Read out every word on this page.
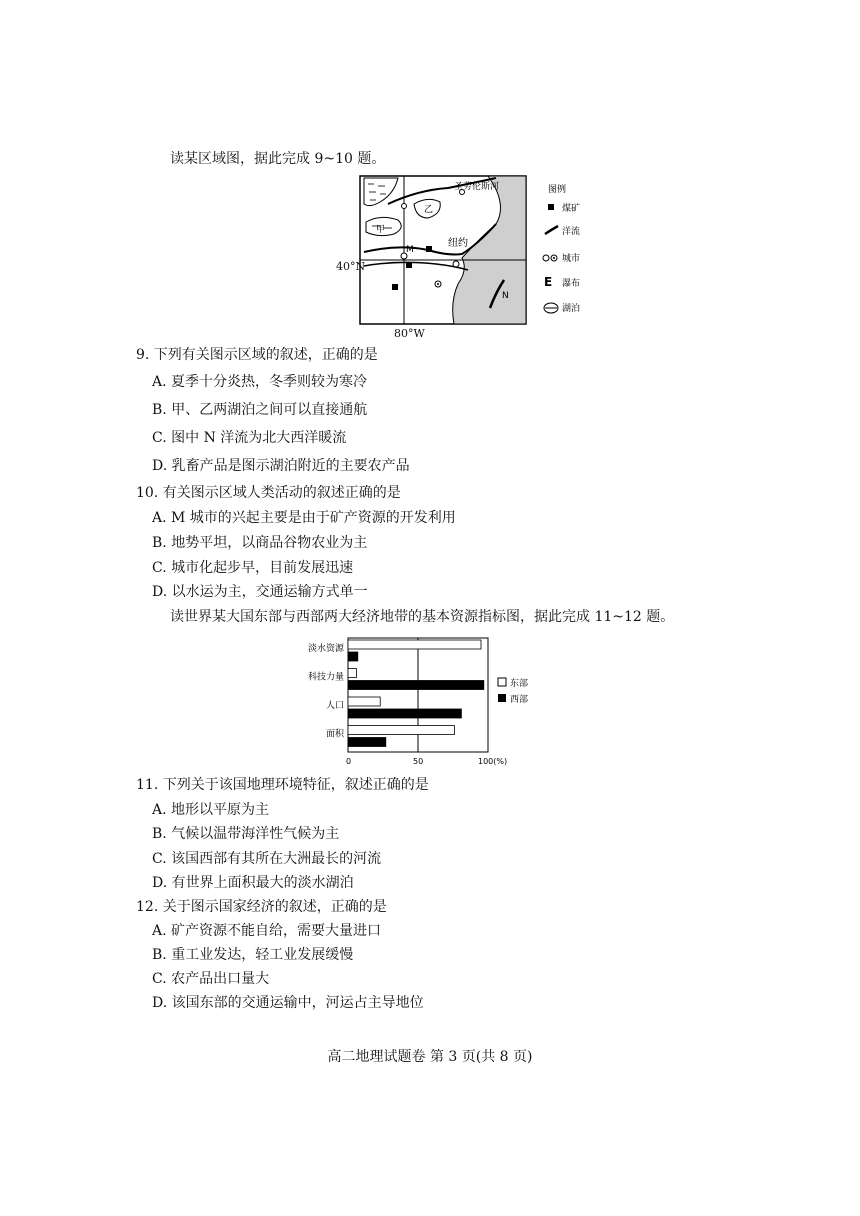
读某区域图，据此完成 9~10 题。
圣劳伦斯河
甲
乙
M
纽约
N
图例
煤矿
洋流
城市
E 瀑布
湖泊
40°N
80°W
9. 下列有关图示区域的叙述，正确的是
A. 夏季十分炎热，冬季则较为寒冷
B. 甲、乙两湖泊之间可以直接通航
C. 图中 N 洋流为北大西洋暖流
D. 乳畜产品是图示湖泊附近的主要农产品
10. 有关图示区域人类活动的叙述正确的是
A. M 城市的兴起主要是由于矿产资源的开发利用
B. 地势平坦，以商品谷物农业为主
C. 城市化起步早，目前发展迅速
D. 以水运为主，交通运输方式单一
读世界某大国东部与西部两大经济地带的基本资源指标图，据此完成 11~12 题。
淡水资源
科技力量
人口
面积
0	50	100(%)
东部
西部
11. 下列关于该国地理环境特征，叙述正确的是
A. 地形以平原为主
B. 气候以温带海洋性气候为主
C. 该国西部有其所在大洲最长的河流
D. 有世界上面积最大的淡水湖泊
12. 关于图示国家经济的叙述，正确的是
A. 矿产资源不能自给，需要大量进口
B. 重工业发达，轻工业发展缓慢
C. 农产品出口量大
D. 该国东部的交通运输中，河运占主导地位
高二地理试题卷 第 3 页(共 8 页)
